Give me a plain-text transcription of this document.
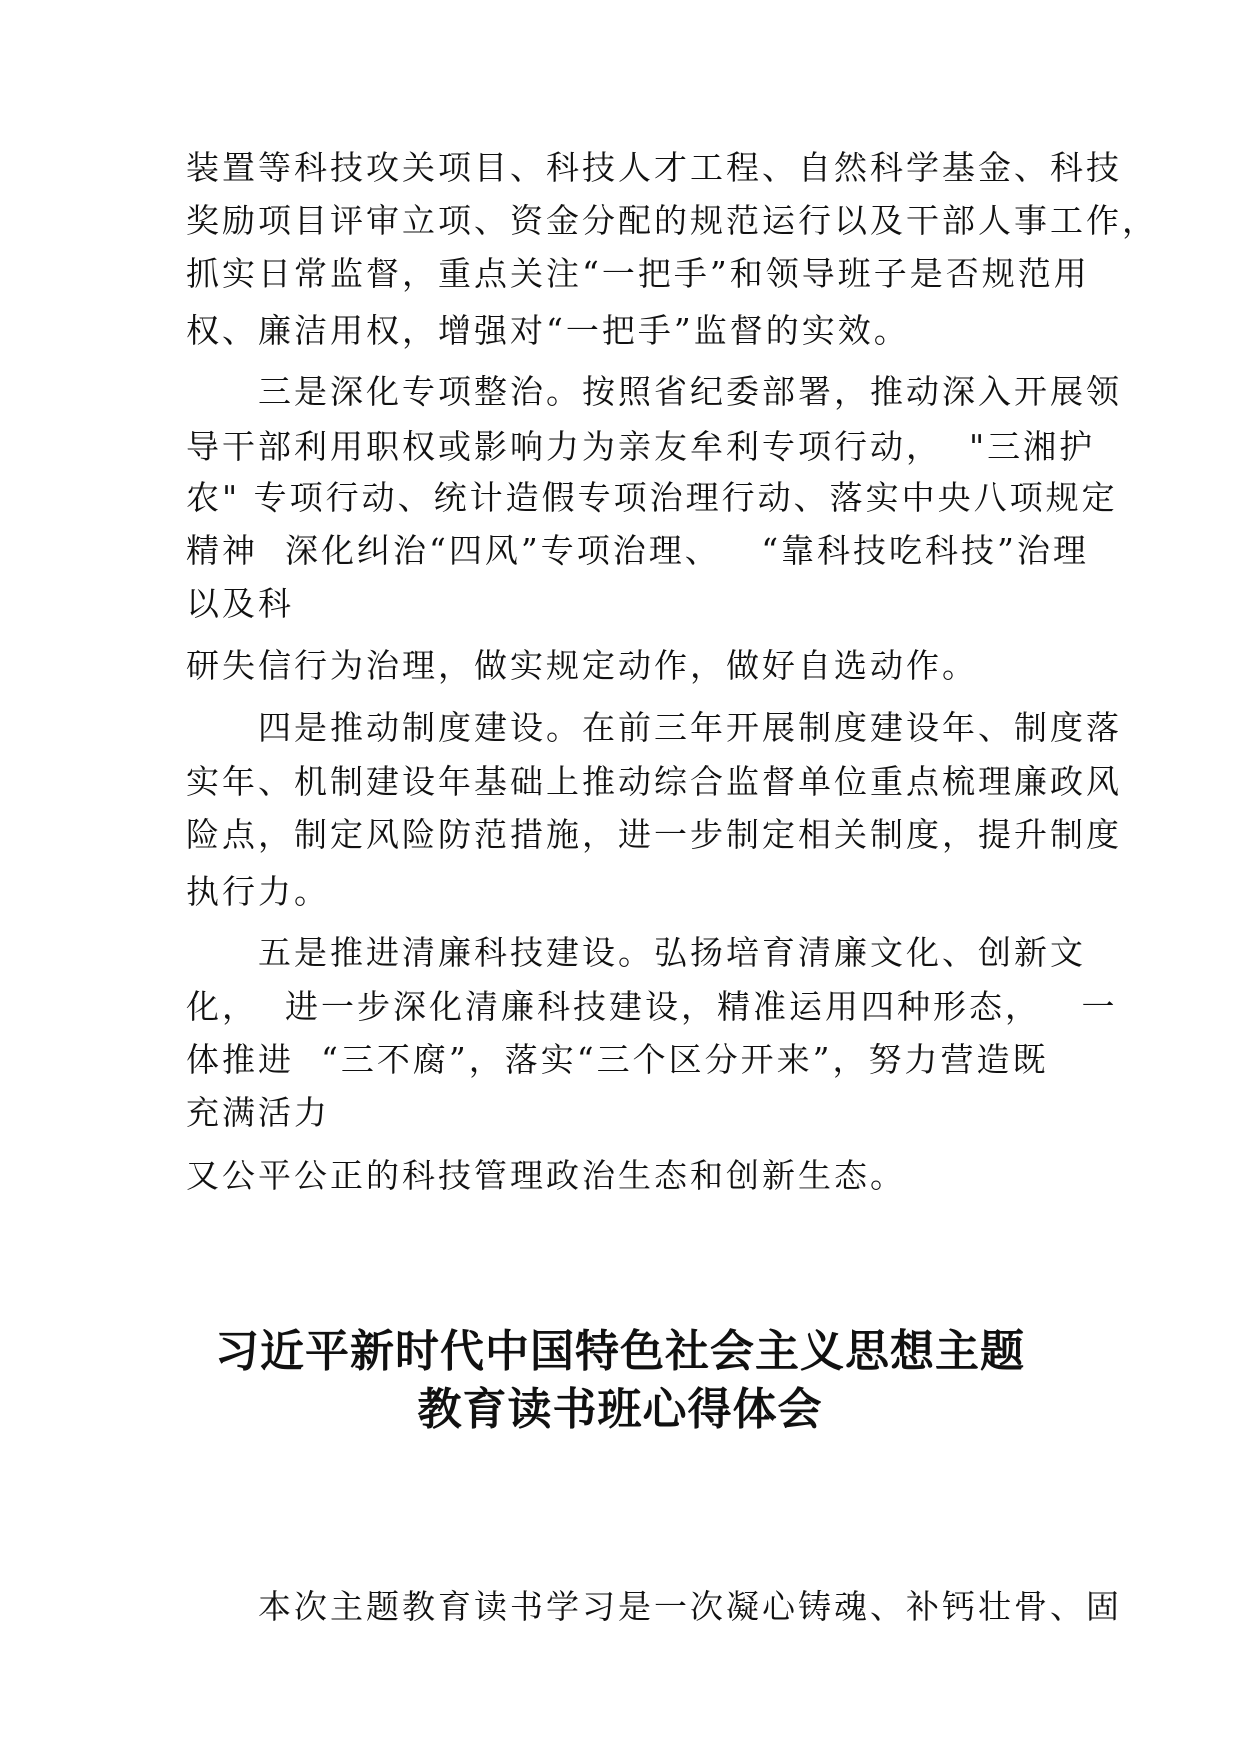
装置等科技攻关项目、科技人才工程、自然科学基金、科技
奖励项目评审立项、资金分配的规范运行以及干部人事工作，
抓实日常监督，重点关注“一把手”和领导班子是否规范用
权、廉洁用权，增强对“一把手”监督的实效。
　　三是深化专项整治。按照省纪委部署，推动深入开展领
导干部利用职权或影响力为亲友牟利专项行动，  "三湘护
农" 专项行动、统计造假专项治理行动、落实中央八项规定
精神  深化纠治“四风”专项治理、   “靠科技吃科技”治理
以及科
研失信行为治理，做实规定动作，做好自选动作。
　　四是推动制度建设。在前三年开展制度建设年、制度落
实年、机制建设年基础上推动综合监督单位重点梳理廉政风
险点，制定风险防范措施，进一步制定相关制度，提升制度
执行力。
　　五是推进清廉科技建设。弘扬培育清廉文化、创新文
化，  进一步深化清廉科技建设，精准运用四种形态，   一
体推进  “三不腐”，落实“三个区分开来”，努力营造既
充满活力
又公平公正的科技管理政治生态和创新生态。
习近平新时代中国特色社会主义思想主题
教育读书班心得体会
　　本次主题教育读书学习是一次凝心铸魂、补钙壮骨、固
